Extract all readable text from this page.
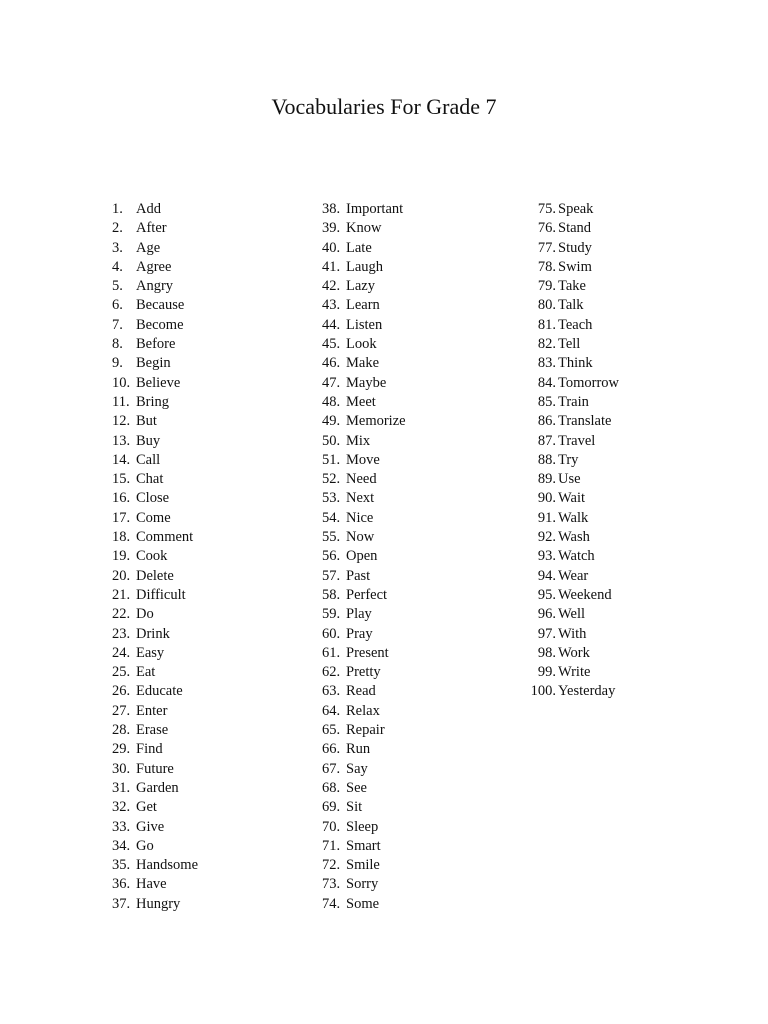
Vocabularies For Grade 7
1. Add
2. After
3. Age
4. Agree
5. Angry
6. Because
7. Become
8. Before
9. Begin
10. Believe
11. Bring
12. But
13. Buy
14. Call
15. Chat
16. Close
17. Come
18. Comment
19. Cook
20. Delete
21. Difficult
22. Do
23. Drink
24. Easy
25. Eat
26. Educate
27. Enter
28. Erase
29. Find
30. Future
31. Garden
32. Get
33. Give
34. Go
35. Handsome
36. Have
37. Hungry
38. Important
39. Know
40. Late
41. Laugh
42. Lazy
43. Learn
44. Listen
45. Look
46. Make
47. Maybe
48. Meet
49. Memorize
50. Mix
51. Move
52. Need
53. Next
54. Nice
55. Now
56. Open
57. Past
58. Perfect
59. Play
60. Pray
61. Present
62. Pretty
63. Read
64. Relax
65. Repair
66. Run
67. Say
68. See
69. Sit
70. Sleep
71. Smart
72. Smile
73. Sorry
74. Some
75. Speak
76. Stand
77. Study
78. Swim
79. Take
80. Talk
81. Teach
82. Tell
83. Think
84. Tomorrow
85. Train
86. Translate
87. Travel
88. Try
89. Use
90. Wait
91. Walk
92. Wash
93. Watch
94. Wear
95. Weekend
96. Well
97. With
98. Work
99. Write
100. Yesterday
